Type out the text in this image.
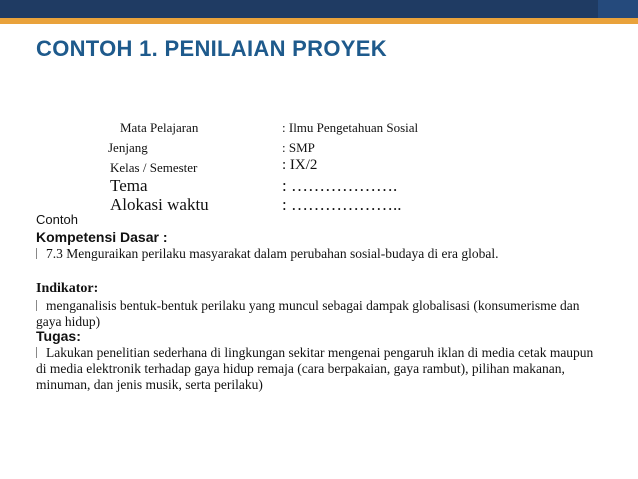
CONTOH 1. PENILAIAN PROYEK
Mata Pelajaran	: Ilmu Pengetahuan Sosial
Jenjang	: SMP
Kelas / Semester	: IX/2
Tema	: ……………….
Alokasi waktu	: ………………..
Contoh
Kompetensi Dasar :
7.3 Menguraikan perilaku masyarakat dalam perubahan sosial-budaya di era global.
Indikator:
menganalisis bentuk-bentuk perilaku yang muncul sebagai dampak globalisasi (konsumerisme dan gaya hidup)
Tugas:
Lakukan penelitian sederhana di lingkungan sekitar mengenai pengaruh iklan di media cetak maupun di media elektronik terhadap gaya hidup remaja (cara berpakaian, gaya rambut), pilihan makanan, minuman, dan jenis musik, serta perilaku)
